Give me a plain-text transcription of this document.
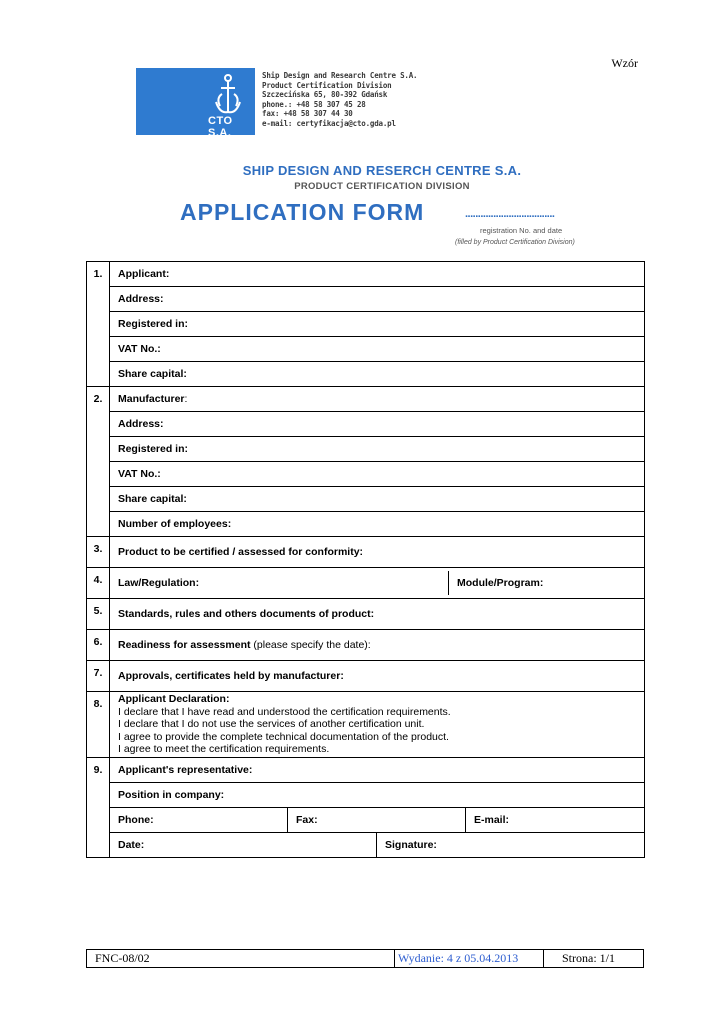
Wzór
CTO S.A.
Ship Design and Research Centre S.A.
Product Certification Division
Szczecińska 65, 80-392 Gdańsk
phone.: +48 58 307 45 28
fax: +48 58 307 44 30
e-mail: certyfikacja@cto.gda.pl
SHIP DESIGN AND RESERCH CENTRE S.A.
PRODUCT CERTIFICATION DIVISION
APPLICATION FORM	...................................
registration No. and date
(filled by Product Certification Division)
1.	Applicant:
Address:
Registered in:
VAT No.:
Share capital:
2.	Manufacturer:
Address:
Registered in:
VAT No.:
Share capital:
Number of employees:
3.	Product to be certified / assessed for conformity:
4.	Law/Regulation:	Module/Program:

5.	Standards, rules and others documents of product:
6.	Readiness for assessment (please specify the date):
7.	Approvals, certificates held by manufacturer:
8.	Applicant Declaration:
I declare that I have read and understood the certification requirements.
I declare that I do not use the services of another certification unit.
I agree to provide the complete technical documentation of the product.
I agree to meet the certification requirements.

9.	Applicant's representative:
Position in company:

Phone:	Fax:	E-mail:

Date:	Signature:
FNC-08/02	Wydanie: 4 z 05.04.2013	Strona: 1/1
